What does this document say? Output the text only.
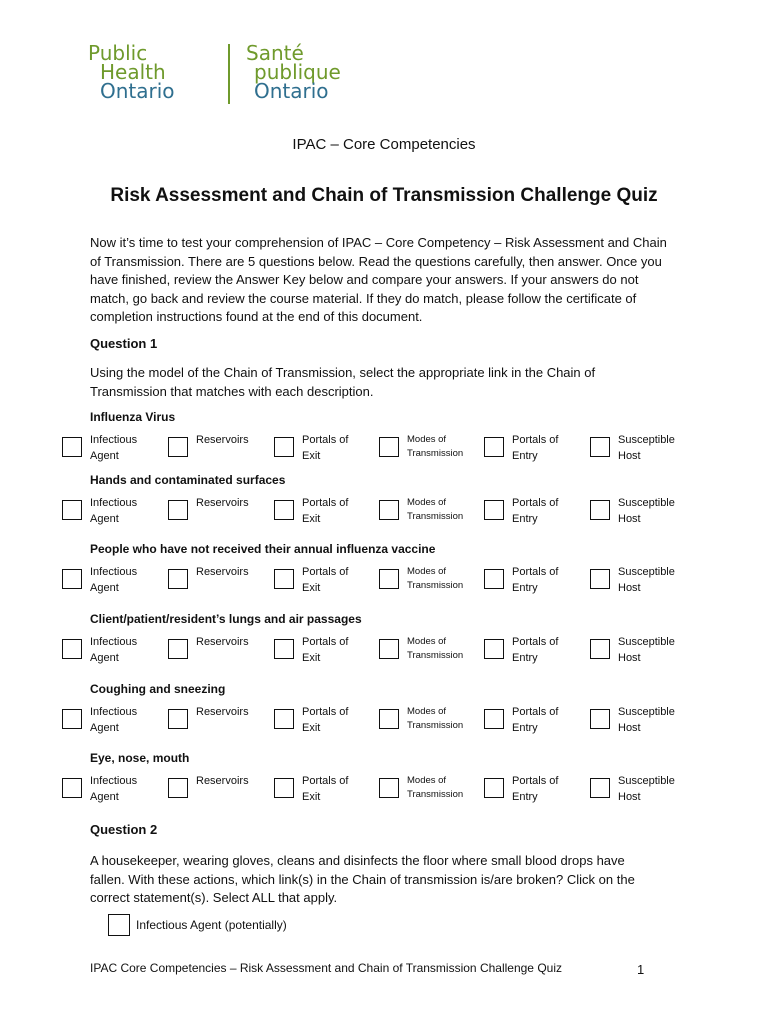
Public
Health
Ontario
Santé
publique
Ontario
IPAC – Core Competencies
Risk Assessment and Chain of Transmission Challenge Quiz
Now it’s time to test your comprehension of IPAC – Core Competency – Risk Assessment and Chain of Transmission. There are 5 questions below. Read the questions carefully, then answer. Once you have finished, review the Answer Key below and compare your answers. If your answers do not match, go back and review the course material. If they do match, please follow the certificate of completion instructions found at the end of this document.
Question 1
Using the model of the Chain of Transmission, select the appropriate link in the Chain of Transmission that matches with each description.
Influenza Virus
Infectious
Agent
Reservoirs	Portals of
Exit
Modes of
Transmission
Portals of
Entry
Susceptible
Host
Hands and contaminated surfaces
Infectious
Agent
Reservoirs	Portals of
Exit
Modes of
Transmission
Portals of
Entry
Susceptible
Host
People who have not received their annual influenza vaccine
Infectious
Agent
Reservoirs	Portals of
Exit
Modes of
Transmission
Portals of
Entry
Susceptible
Host
Client/patient/resident’s lungs and air passages
Infectious
Agent
Reservoirs	Portals of
Exit
Modes of
Transmission
Portals of
Entry
Susceptible
Host
Coughing and sneezing
Infectious
Agent
Reservoirs	Portals of
Exit
Modes of
Transmission
Portals of
Entry
Susceptible
Host
Eye, nose, mouth
Infectious
Agent
Reservoirs	Portals of
Exit
Modes of
Transmission
Portals of
Entry
Susceptible
Host
Question 2
A housekeeper, wearing gloves, cleans and disinfects the floor where small blood drops have fallen. With these actions, which link(s) in the Chain of transmission is/are broken? Click on the correct statement(s). Select ALL that apply.
Infectious Agent (potentially)
IPAC Core Competencies – Risk Assessment and Chain of Transmission Challenge Quiz	1
